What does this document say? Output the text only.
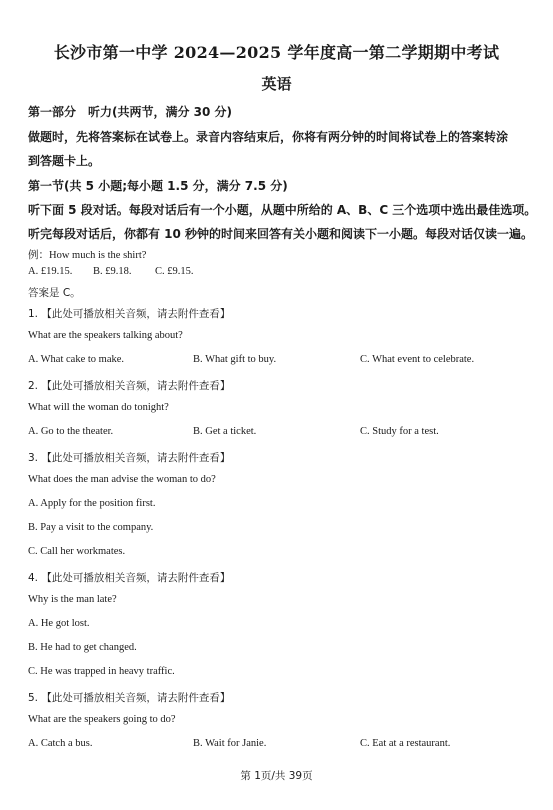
长沙市第一中学 2024—2025 学年度高一第二学期期中考试
英语
第一部分　听力(共两节，满分 30 分)
做题时，先将答案标在试卷上。录音内容结束后，你将有两分钟的时间将试卷上的答案转涂
到答题卡上。
第一节(共 5 小题;每小题 1.5 分，满分 7.5 分)
听下面 5 段对话。每段对话后有一个小题，从题中所给的 A、B、C 三个选项中选出最佳选项。
听完每段对话后，你都有 10 秒钟的时间来回答有关小题和阅读下一小题。每段对话仅读一遍。
例：How much is the shirt?
A. £19.15. B. £9.18. C. £9.15.
答案是 C。
1. 【此处可播放相关音频，请去附件查看】
What are the speakers talking about?
A. What cake to make.	B. What gift to buy.	C. What event to celebrate.
2. 【此处可播放相关音频，请去附件查看】
What will the woman do tonight?
A. Go to the theater.	B. Get a ticket.	C. Study for a test.
3. 【此处可播放相关音频，请去附件查看】
What does the man advise the woman to do?
A. Apply for the position first.
B. Pay a visit to the company.
C. Call her workmates.
4. 【此处可播放相关音频，请去附件查看】
Why is the man late?
A. He got lost.
B. He had to get changed.
C. He was trapped in heavy traffic.
5. 【此处可播放相关音频，请去附件查看】
What are the speakers going to do?
A. Catch a bus.	B. Wait for Janie.	C. Eat at a restaurant.
第 1页/共 39页
